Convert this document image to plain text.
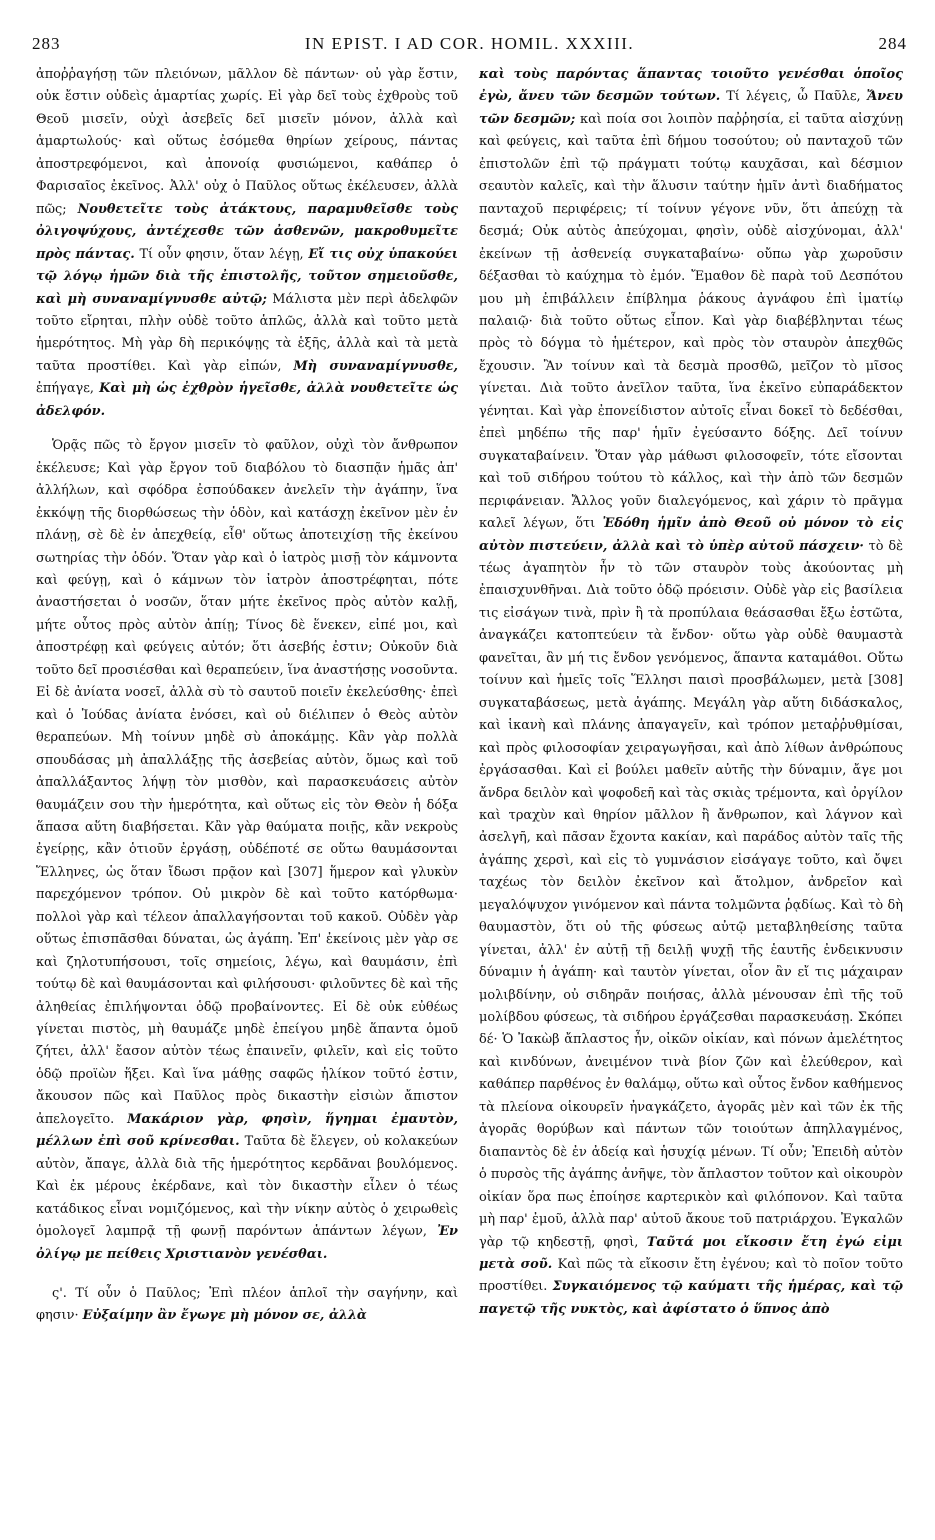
283	IN EPIST. I AD COR. HOMIL. XXXIII.	284

ἀποῤῥαγήσῃ τῶν πλειόνων, μᾶλλον δὲ πάντων· οὐ γὰρ ἔστιν, οὐκ ἔστιν οὐδεὶς ἁμαρτίας χωρίς. Εἰ γὰρ δεῖ τοὺς ἐχθροὺς τοῦ Θεοῦ μισεῖν, οὐχὶ ἀσεβεῖς δεῖ μισεῖν μόνον, ἀλλὰ καὶ ἁμαρτωλούς· καὶ οὕτως ἐσόμεθα θηρίων χείρους, πάντας ἀποστρεφόμενοι, καὶ ἀπονοίᾳ φυσιώμενοι, καθάπερ ὁ Φαρισαῖος ἐκεῖνος. Ἀλλ' οὐχ ὁ Παῦλος οὕτως ἐκέλευσεν, ἀλλὰ πῶς; Νουθετεῖτε τοὺς ἀτάκτους, παραμυθεῖσθε τοὺς ὀλιγοψύχους, ἀντέχεσθε τῶν ἀσθενῶν, μακροθυμεῖτε πρὸς πάντας. Τί οὖν φησιν, ὅταν λέγῃ, Εἴ τις οὐχ ὑπακούει τῷ λόγῳ ἡμῶν διὰ τῆς ἐπιστολῆς, τοῦτον σημειοῦσθε, καὶ μὴ συναναμίγνυσθε αὐτῷ; Μάλιστα μὲν περὶ ἀδελφῶν τοῦτο εἴρηται, πλὴν οὐδὲ τοῦτο ἁπλῶς, ἀλλὰ καὶ τοῦτο μετὰ ἡμερότητος. Μὴ γὰρ δὴ περικόψῃς τὰ ἑξῆς, ἀλλὰ καὶ τὰ μετὰ ταῦτα προστίθει. Καὶ γὰρ εἰπών, Μὴ συναναμίγνυσθε, ἐπήγαγε, Καὶ μὴ ὡς ἐχθρὸν ἡγεῖσθε, ἀλλὰ νουθετεῖτε ὡς ἀδελφόν.

Ὁρᾷς πῶς τὸ ἔργον μισεῖν τὸ φαῦλον, οὐχὶ τὸν ἄνθρωπον ἐκέλευσε; Καὶ γὰρ ἔργον τοῦ διαβόλου τὸ διασπᾷν ἡμᾶς ἀπ' ἀλλήλων, καὶ σφόδρα ἐσπούδακεν ἀνελεῖν τὴν ἀγάπην, ἵνα ἐκκόψῃ τῆς διορθώσεως τὴν ὁδὸν, καὶ κατάσχῃ ἐκεῖνον μὲν ἐν πλάνῃ, σὲ δὲ ἐν ἀπεχθείᾳ, εἶθ' οὕτως ἀποτειχίσῃ τῆς ἐκείνου σωτηρίας τὴν ὁδόν. Ὅταν γὰρ καὶ ὁ ἰατρὸς μισῇ τὸν κάμνοντα καὶ φεύγῃ, καὶ ὁ κάμνων τὸν ἰατρὸν ἀποστρέφηται, πότε ἀναστήσεται ὁ νοσῶν, ὅταν μήτε ἐκεῖνος πρὸς αὐτὸν καλῇ, μήτε οὗτος πρὸς αὐτὸν ἀπίῃ; Τίνος δὲ ἕνεκεν, εἰπέ μοι, καὶ ἀποστρέφῃ καὶ φεύγεις αὐτόν; ὅτι ἀσεβής ἐστιν; Οὐκοῦν διὰ τοῦτο δεῖ προσιέσθαι καὶ θεραπεύειν, ἵνα ἀναστήσῃς νοσοῦντα. Εἰ δὲ ἀνίατα νοσεῖ, ἀλλὰ σὺ τὸ σαυτοῦ ποιεῖν ἐκελεύσθης· ἐπεὶ καὶ ὁ Ἰούδας ἀνίατα ἐνόσει, καὶ οὐ διέλιπεν ὁ Θεὸς αὐτὸν θεραπεύων. Μὴ τοίνυν μηδὲ σὺ ἀποκάμῃς. Κἂν γὰρ πολλὰ σπουδάσας μὴ ἀπαλλάξῃς τῆς ἀσεβείας αὐτὸν, ὅμως καὶ τοῦ ἀπαλλάξαντος λήψῃ τὸν μισθὸν, καὶ παρασκευάσεις αὐτὸν θαυμάζειν σου τὴν ἡμερότητα, καὶ οὕτως εἰς τὸν Θεὸν ἡ δόξα ἅπασα αὕτη διαβήσεται. Κἂν γὰρ θαύματα ποιῇς, κἂν νεκροὺς ἐγείρῃς, κἂν ὁτιοῦν ἐργάσῃ, οὐδέποτέ σε οὕτω θαυμάσονται Ἕλληνες, ὡς ὅταν ἴδωσι πρᾷον καὶ [307] ἥμερον καὶ γλυκὺν παρεχόμενον τρόπον. Οὐ μικρὸν δὲ καὶ τοῦτο κατόρθωμα· πολλοὶ γὰρ καὶ τέλεον ἀπαλλαγήσονται τοῦ κακοῦ. Οὐδὲν γὰρ οὕτως ἐπισπᾶσθαι δύναται, ὡς ἀγάπη. Ἐπ' ἐκείνοις μὲν γὰρ σε καὶ ζηλοτυπήσουσι, τοῖς σημείοις, λέγω, καὶ θαυμάσιν, ἐπὶ τούτῳ δὲ καὶ θαυμάσονται καὶ φιλήσουσι· φιλοῦντες δὲ καὶ τῆς ἀληθείας ἐπιλήψονται ὁδῷ προβαίνοντες. Εἰ δὲ οὐκ εὐθέως γίνεται πιστὸς, μὴ θαυμάζε μηδὲ ἐπείγου μηδὲ ἅπαντα ὁμοῦ ζήτει, ἀλλ' ἔασον αὐτὸν τέως ἐπαινεῖν, φιλεῖν, καὶ εἰς τοῦτο ὁδῷ προϊὼν ἥξει. Καὶ ἵνα μάθῃς σαφῶς ἡλίκον τοῦτό ἐστιν, ἄκουσον πῶς καὶ Παῦλος πρὸς δικαστὴν εἰσιὼν ἄπιστον ἀπελογεῖτο. Μακάριον γὰρ, φησὶν, ἥγημαι ἐμαυτὸν, μέλλων ἐπὶ σοῦ κρίνεσθαι. Ταῦτα δὲ ἔλεγεν, οὐ κολακεύων αὐτὸν, ἄπαγε, ἀλλὰ διὰ τῆς ἡμερότητος κερδᾶναι βουλόμενος. Καὶ ἐκ μέρους ἐκέρδανε, καὶ τὸν δικαστὴν εἷλεν ὁ τέως κατάδικος εἶναι νομιζόμενος, καὶ τὴν νίκην αὐτὸς ὁ χειρωθεὶς ὁμολογεῖ λαμπρᾷ τῇ φωνῇ παρόντων ἁπάντων λέγων, Ἐν ὀλίγῳ με πείθεις Χριστιανὸν γενέσθαι.

ς'. Τί οὖν ὁ Παῦλος; Ἐπὶ πλέον ἁπλοῖ τὴν σαγήνην, καὶ φησιν· Εὐξαίμην ἂν ἔγωγε μὴ μόνον σε, ἀλλὰ

καὶ τοὺς παρόντας ἅπαντας τοιοῦτο γενέσθαι ὁποῖος ἐγὼ, ἄνευ τῶν δεσμῶν τούτων. Τί λέγεις, ὦ Παῦλε, Ἄνευ τῶν δεσμῶν; καὶ ποία σοι λοιπὸν παῤῥησία, εἰ ταῦτα αἰσχύνῃ καὶ φεύγεις, καὶ ταῦτα ἐπὶ δήμου τοσούτου; οὐ πανταχοῦ τῶν ἐπιστολῶν ἐπὶ τῷ πράγματι τούτῳ καυχᾶσαι, καὶ δέσμιον σεαυτὸν καλεῖς, καὶ τὴν ἅλυσιν ταύτην ἡμῖν ἀντὶ διαδήματος πανταχοῦ περιφέρεις; τί τοίνυν γέγονε νῦν, ὅτι ἀπεύχῃ τὰ δεσμά; Οὐκ αὐτὸς ἀπεύχομαι, φησὶν, οὐδὲ αἰσχύνομαι, ἀλλ' ἐκείνων τῇ ἀσθενείᾳ συγκαταβαίνω· οὔπω γὰρ χωροῦσιν δέξασθαι τὸ καύχημα τὸ ἐμόν. Ἔμαθον δὲ παρὰ τοῦ Δεσπότου μου μὴ ἐπιβάλλειν ἐπίβλημα ῥάκους ἀγνάφου ἐπὶ ἱματίῳ παλαιῷ· διὰ τοῦτο οὕτως εἶπον. Καὶ γὰρ διαβέβληνται τέως πρὸς τὸ δόγμα τὸ ἡμέτερον, καὶ πρὸς τὸν σταυρὸν ἀπεχθῶς ἔχουσιν. Ἂν τοίνυν καὶ τὰ δεσμὰ προσθῶ, μεῖζον τὸ μῖσος γίνεται. Διὰ τοῦτο ἀνεῖλον ταῦτα, ἵνα ἐκεῖνο εὐπαράδεκτον γένηται. Καὶ γὰρ ἐπονείδιστον αὐτοῖς εἶναι δοκεῖ τὸ δεδέσθαι, ἐπεὶ μηδέπω τῆς παρ' ἡμῖν ἐγεύσαντο δόξης. Δεῖ τοίνυν συγκαταβαίνειν. Ὅταν γὰρ μάθωσι φιλοσοφεῖν, τότε εἴσονται καὶ τοῦ σιδήρου τούτου τὸ κάλλος, καὶ τὴν ἀπὸ τῶν δεσμῶν περιφάνειαν. Ἄλλος γοῦν διαλεγόμενος, καὶ χάριν τὸ πρᾶγμα καλεῖ λέγων, ὅτι Ἐδόθη ἡμῖν ἀπὸ Θεοῦ οὐ μόνον τὸ εἰς αὐτὸν πιστεύειν, ἀλλὰ καὶ τὸ ὑπὲρ αὐτοῦ πάσχειν· τὸ δὲ τέως ἀγαπητὸν ἦν τὸ τῶν σταυρὸν τοὺς ἀκούοντας μὴ ἐπαισχυνθῆναι. Διὰ τοῦτο ὁδῷ πρόεισιν. Οὐδὲ γὰρ εἰς βασίλεια τις εἰσάγων τινὰ, πρὶν ἢ τὰ προπύλαια θεάσασθαι ἔξω ἑστῶτα, ἀναγκάζει κατοπτεύειν τὰ ἔνδον· οὕτω γὰρ οὐδὲ θαυμαστὰ φανεῖται, ἂν μή τις ἔνδον γενόμενος, ἅπαντα καταμάθοι. Οὕτω τοίνυν καὶ ἡμεῖς τοῖς Ἕλλησι παισὶ προσβάλωμεν, μετὰ [308] συγκαταβάσεως, μετὰ ἀγάπης. Μεγάλη γὰρ αὕτη διδάσκαλος, καὶ ἱκανὴ καὶ πλάνης ἀπαγαγεῖν, καὶ τρόπον μεταῤῥυθμίσαι, καὶ πρὸς φιλοσοφίαν χειραγωγῆσαι, καὶ ἀπὸ λίθων ἀνθρώπους ἐργάσασθαι. Καὶ εἰ βούλει μαθεῖν αὐτῆς τὴν δύναμιν, ἄγε μοι ἄνδρα δειλὸν καὶ ψοφοδεῆ καὶ τὰς σκιὰς τρέμοντα, καὶ ὀργίλον καὶ τραχὺν καὶ θηρίον μᾶλλον ἢ ἄνθρωπον, καὶ λάγνον καὶ ἀσελγῆ, καὶ πᾶσαν ἔχοντα κακίαν, καὶ παράδος αὐτὸν ταῖς τῆς ἀγάπης χερσὶ, καὶ εἰς τὸ γυμνάσιον εἰσάγαγε τοῦτο, καὶ ὄψει ταχέως τὸν δειλὸν ἐκεῖνον καὶ ἄτολμον, ἀνδρεῖον καὶ μεγαλόψυχον γινόμενον καὶ πάντα τολμῶντα ῥᾳδίως. Καὶ τὸ δὴ θαυμαστὸν, ὅτι οὐ τῆς φύσεως αὐτῷ μεταβληθείσης ταῦτα γίνεται, ἀλλ' ἐν αὐτῇ τῇ δειλῇ ψυχῇ τῆς ἑαυτῆς ἐνδεικνυσιν δύναμιν ἡ ἀγάπη· καὶ ταυτὸν γίνεται, οἷον ἂν εἴ τις μάχαιραν μολιβδίνην, οὐ σιδηρᾶν ποιήσας, ἀλλὰ μένουσαν ἐπὶ τῆς τοῦ μολίβδου φύσεως, τὰ σιδήρου ἐργάζεσθαι παρασκευάσῃ. Σκόπει δέ· Ὁ Ἰακὼβ ἄπλαστος ἦν, οἰκῶν οἰκίαν, καὶ πόνων ἀμελέτητος καὶ κινδύνων, ἀνειμένον τινὰ βίον ζῶν καὶ ἐλεύθερον, καὶ καθάπερ παρθένος ἐν θαλάμῳ, οὕτω καὶ οὗτος ἔνδον καθήμενος τὰ πλείονα οἰκουρεῖν ἠναγκάζετο, ἀγορᾶς μὲν καὶ τῶν ἐκ τῆς ἀγορᾶς θορύβων καὶ πάντων τῶν τοιούτων ἀπηλλαγμένος, διαπαντὸς δὲ ἐν ἀδείᾳ καὶ ἡσυχίᾳ μένων. Τί οὖν; Ἐπειδὴ αὐτὸν ὁ πυρσὸς τῆς ἀγάπης ἀνῆψε, τὸν ἄπλαστον τοῦτον καὶ οἰκουρὸν οἰκίαν ὅρα πως ἐποίησε καρτερικὸν καὶ φιλόπονον. Καὶ ταῦτα μὴ παρ' ἐμοῦ, ἀλλὰ παρ' αὐτοῦ ἄκουε τοῦ πατριάρχου. Ἐγκαλῶν γὰρ τῷ κηδεστῇ, φησὶ, Ταῦτά μοι εἴκοσιν ἔτη ἐγώ εἰμι μετὰ σοῦ. Καὶ πῶς τὰ εἴκοσιν ἔτη ἐγένου; καὶ τὸ ποῖον τοῦτο προστίθει. Συγκαιόμενος τῷ καύματι τῆς ἡμέρας, καὶ τῷ παγετῷ τῆς νυκτὸς, καὶ ἀφίστατο ὁ ὕπνος ἀπὸ
